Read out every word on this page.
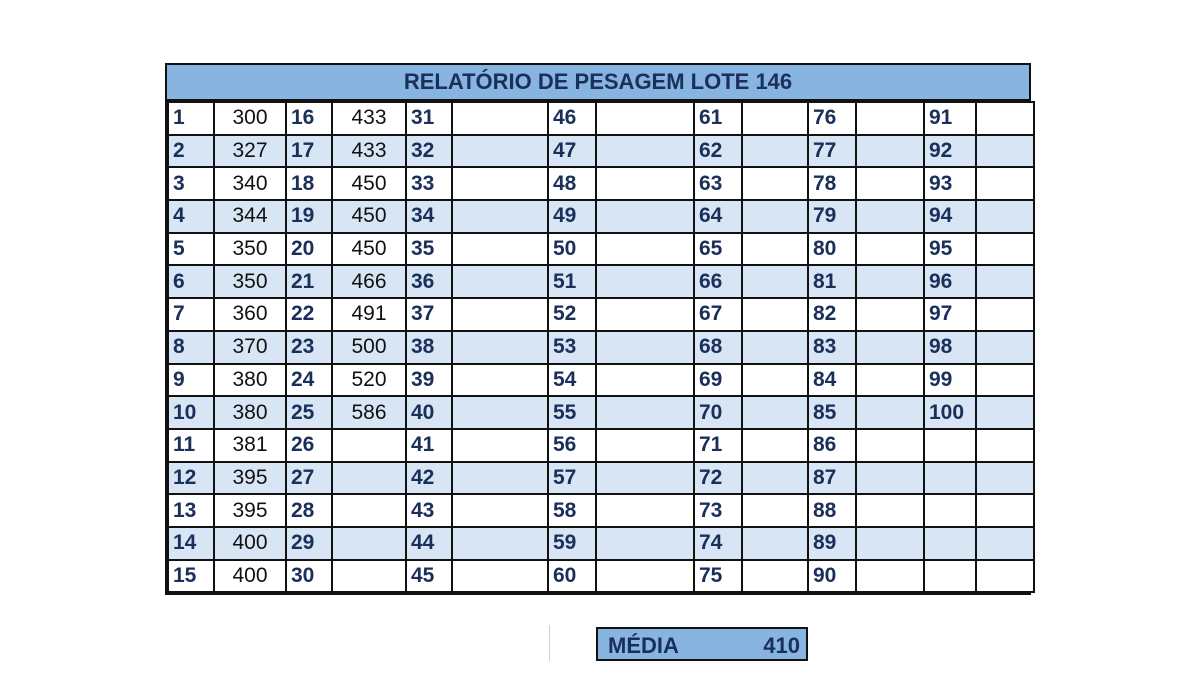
RELATÓRIO DE PESAGEM LOTE 146
1	300	16	433	31		46		61		76		91	
2	327	17	433	32		47		62		77		92	
3	340	18	450	33		48		63		78		93	
4	344	19	450	34		49		64		79		94	
5	350	20	450	35		50		65		80		95	
6	350	21	466	36		51		66		81		96	
7	360	22	491	37		52		67		82		97	
8	370	23	500	38		53		68		83		98	
9	380	24	520	39		54		69		84		99	
10	380	25	586	40		55		70		85		100	
11	381	26		41		56		71		86			
12	395	27		42		57		72		87			
13	395	28		43		58		73		88			
14	400	29		44		59		74		89			
15	400	30		45		60		75		90			
MÉDIA	410
